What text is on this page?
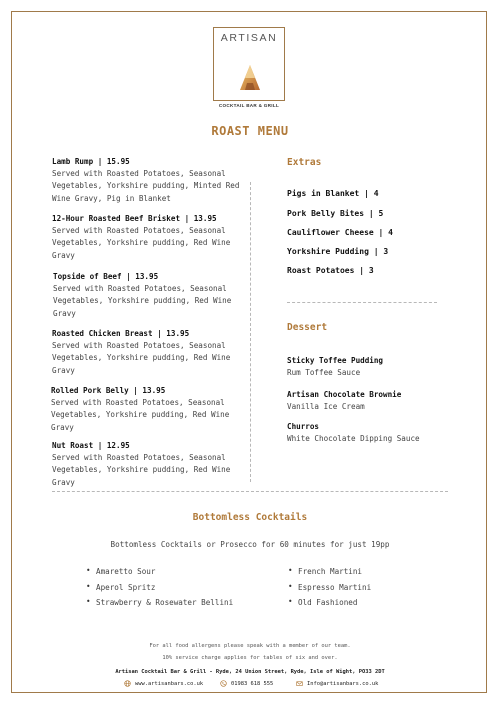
ARTISAN
COCKTAIL BAR & GRILL
ROAST MENU
Lamb Rump | 15.95
Served with Roasted Potatoes, Seasonal Vegetables, Yorkshire pudding, Minted Red Wine Gravy, Pig in Blanket
12-Hour Roasted Beef Brisket | 13.95
Served with Roasted Potatoes, Seasonal Vegetables, Yorkshire pudding, Red Wine Gravy
Topside of Beef | 13.95
Served with Roasted Potatoes, Seasonal Vegetables, Yorkshire pudding, Red Wine Gravy
Roasted Chicken Breast | 13.95
Served with Roasted Potatoes, Seasonal Vegetables, Yorkshire pudding, Red Wine Gravy
Rolled Pork Belly | 13.95
Served with Roasted Potatoes, Seasonal Vegetables, Yorkshire pudding, Red Wine Gravy
Nut Roast | 12.95
Served with Roasted Potatoes, Seasonal Vegetables, Yorkshire pudding, Red Wine Gravy
Extras
Pigs in Blanket | 4
Pork Belly Bites | 5
Cauliflower Cheese | 4
Yorkshire Pudding | 3
Roast Potatoes | 3
Dessert
Sticky Toffee Pudding
Rum Toffee Sauce
Artisan Chocolate Brownie
Vanilla Ice Cream
Churros
White Chocolate Dipping Sauce
Bottomless Cocktails
Bottomless Cocktails or Prosecco for 60 minutes for just 19pp
• Amaretto Sour
• Aperol Spritz
• Strawberry & Rosewater Bellini
• French Martini
• Espresso Martini
• Old Fashioned
For all food allergens please speak with a member of our team.
10% service charge applies for tables of six and over.
Artisan Cocktail Bar & Grill - Ryde, 24 Union Street, Ryde, Isle of Wight, PO33 2DT
www.artisanbars.co.uk	01983 618 555	Info@artisanbars.co.uk
